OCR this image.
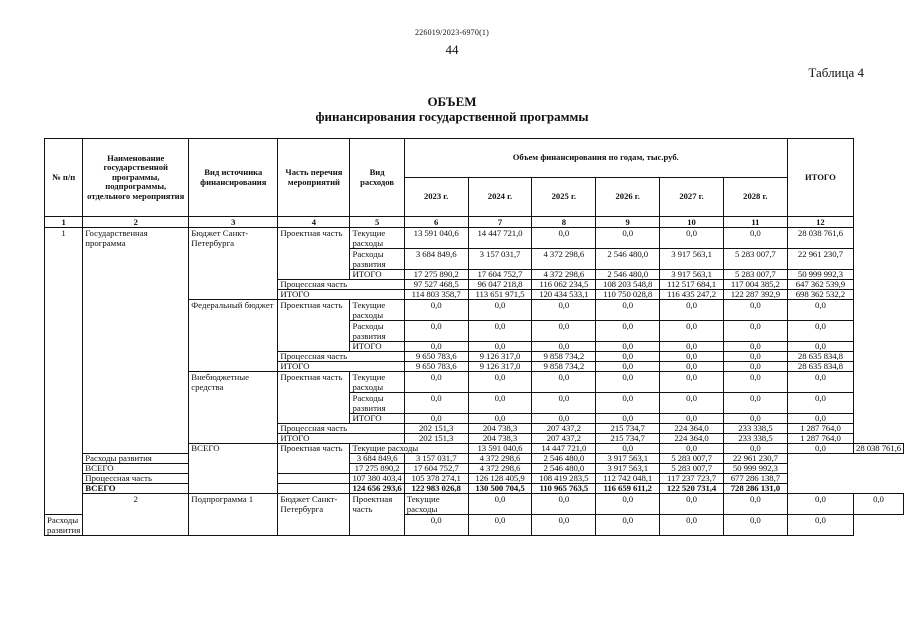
226019/2023-6970(1)
44
Таблица 4
ОБЪЕМ
финансирования государственной программы
№ п/п	Наименование государственной программы, подпрограммы, отдельного мероприятия	Вид источника финансирования	Часть перечня мероприятий	Вид расходов	Объем финансирования по годам, тыс.руб.						ИТОГО	
					2023 г.	2024 г.	2025 г.	2026 г.	2027 г.	2028 г.		
1	2	3	4	5	6	7	8	9	10	11	12	
1	Государственная программа	Бюджет Санкт-Петербурга	Проектная часть	Текущие расходы	13 591 040,6	14 447 721,0	0,0	0,0	0,0	0,0	28 038 761,6	
				Расходы развития	3 684 849,6	3 157 031,7	4 372 298,6	2 546 480,0	3 917 563,1	5 283 007,7	22 961 230,7	
				ИТОГО	17 275 890,2	17 604 752,7	4 372 298,6	2 546 480,0	3 917 563,1	5 283 007,7	50 999 992,3	
			Процессная часть		97 527 468,5	96 047 218,8	116 062 234,5	108 203 548,8	112 517 684,1	117 004 385,2	647 362 539,9	
			ИТОГО		114 803 358,7	113 651 971,5	120 434 533,1	110 750 028,8	116 435 247,2	122 287 392,9	698 362 532,2	
		Федеральный бюджет	Проектная часть	Текущие расходы	0,0	0,0	0,0	0,0	0,0	0,0	0,0	
				Расходы развития	0,0	0,0	0,0	0,0	0,0	0,0	0,0	
				ИТОГО	0,0	0,0	0,0	0,0	0,0	0,0	0,0	
			Процессная часть		9 650 783,6	9 126 317,0	9 858 734,2	0,0	0,0	0,0	28 635 834,8	
			ИТОГО		9 650 783,6	9 126 317,0	9 858 734,2	0,0	0,0	0,0	28 635 834,8	
		Внебюджетные средства	Проектная часть	Текущие расходы	0,0	0,0	0,0	0,0	0,0	0,0	0,0	
				Расходы развития	0,0	0,0	0,0	0,0	0,0	0,0	0,0	
				ИТОГО	0,0	0,0	0,0	0,0	0,0	0,0	0,0	
			Процессная часть		202 151,3	204 738,3	207 437,2	215 734,7	224 364,0	233 338,5	1 287 764,0	
			ИТОГО		202 151,3	204 738,3	207 437,2	215 734,7	224 364,0	233 338,5	1 287 764,0	
		ВСЕГО	Проектная часть	Текущие расходы		13 591 040,6	14 447 721,0	0,0	0,0	0,0	0,0	28 038 761,6
	Расходы развития			3 684 849,6	3 157 031,7	4 372 298,6	2 546 480,0	3 917 563,1	5 283 007,7	22 961 230,7		
	ВСЕГО			17 275 890,2	17 604 752,7	4 372 298,6	2 546 480,0	3 917 563,1	5 283 007,7	50 999 992,3		
	Процессная часть			107 380 403,4	105 378 274,1	126 128 405,9	108 419 283,5	112 742 048,1	117 237 723,7	677 286 138,7		
	ВСЕГО			124 656 293,6	122 983 026,8	130 500 704,5	110 965 763,5	116 659 611,2	122 520 731,4	728 286 131,0		
	2	Подпрограмма 1	Бюджет Санкт-Петербурга	Проектная часть	Текущие расходы	0,0	0,0	0,0	0,0	0,0	0,0	0,0
Расходы развития					0,0	0,0	0,0	0,0	0,0	0,0	0,0	
